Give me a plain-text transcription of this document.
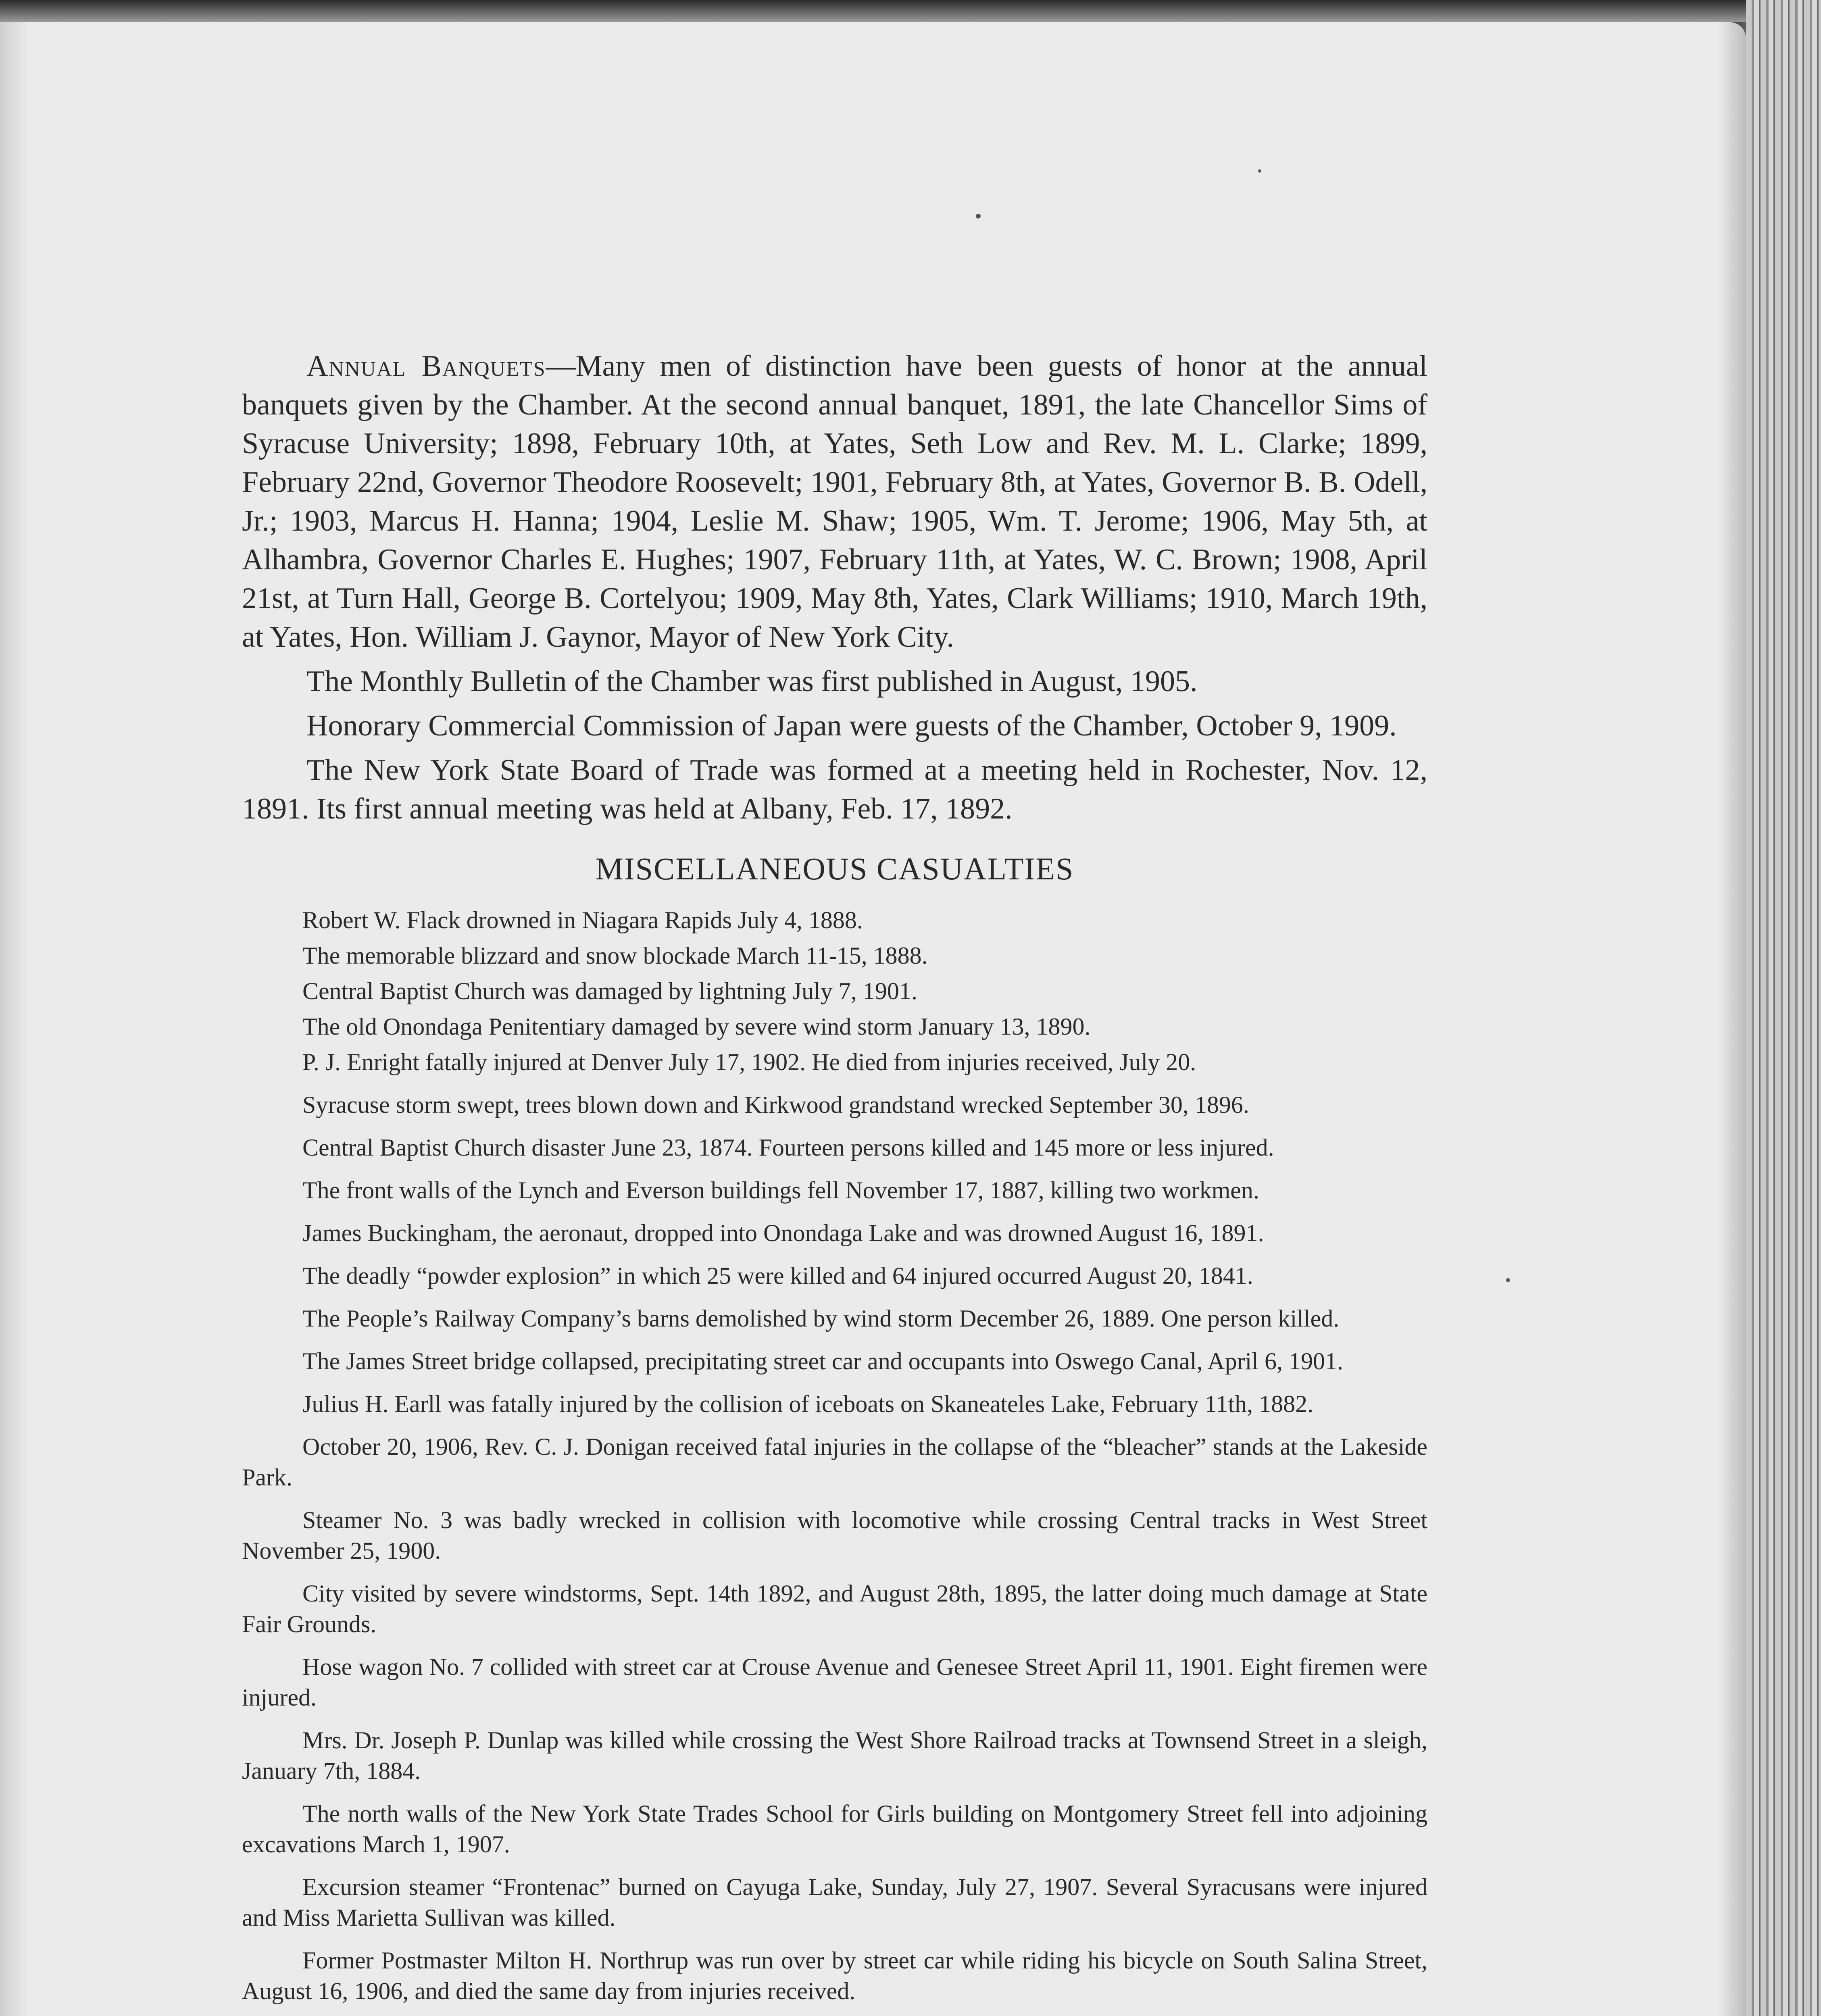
Annual Banquets—Many men of distinction have been guests of honor at the annual banquets given by the Chamber. At the second annual banquet, 1891, the late Chancellor Sims of Syracuse University; 1898, February 10th, at Yates, Seth Low and Rev. M. L. Clarke; 1899, February 22nd, Governor Theodore Roosevelt; 1901, February 8th, at Yates, Governor B. B. Odell, Jr.; 1903, Marcus H. Hanna; 1904, Leslie M. Shaw; 1905, Wm. T. Jerome; 1906, May 5th, at Alhambra, Governor Charles E. Hughes; 1907, February 11th, at Yates, W. C. Brown; 1908, April 21st, at Turn Hall, George B. Cortelyou; 1909, May 8th, Yates, Clark Williams; 1910, March 19th, at Yates, Hon. William J. Gaynor, Mayor of New York City.

The Monthly Bulletin of the Chamber was first published in August, 1905.

Honorary Commercial Commission of Japan were guests of the Chamber, October 9, 1909.

The New York State Board of Trade was formed at a meeting held in Rochester, Nov. 12, 1891. Its first annual meeting was held at Albany, Feb. 17, 1892.

MISCELLANEOUS CASUALTIES

Robert W. Flack drowned in Niagara Rapids July 4, 1888.

The memorable blizzard and snow blockade March 11-15, 1888.

Central Baptist Church was damaged by lightning July 7, 1901.

The old Onondaga Penitentiary damaged by severe wind storm January 13, 1890.

P. J. Enright fatally injured at Denver July 17, 1902. He died from injuries received, July 20.

Syracuse storm swept, trees blown down and Kirkwood grandstand wrecked September 30, 1896.

Central Baptist Church disaster June 23, 1874. Fourteen persons killed and 145 more or less injured.

The front walls of the Lynch and Everson buildings fell November 17, 1887, killing two workmen.

James Buckingham, the aeronaut, dropped into Onondaga Lake and was drowned August 16, 1891.

The deadly “powder explosion” in which 25 were killed and 64 injured occurred August 20, 1841.

The People’s Railway Company’s barns demolished by wind storm December 26, 1889. One person killed.

The James Street bridge collapsed, precipitating street car and occupants into Oswego Canal, April 6, 1901.

Julius H. Earll was fatally injured by the collision of iceboats on Skaneateles Lake, February 11th, 1882.

October 20, 1906, Rev. C. J. Donigan received fatal injuries in the collapse of the “bleacher” stands at the Lakeside Park.

Steamer No. 3 was badly wrecked in collision with locomotive while crossing Central tracks in West Street November 25, 1900.

City visited by severe windstorms, Sept. 14th 1892, and August 28th, 1895, the latter doing much damage at State Fair Grounds.

Hose wagon No. 7 collided with street car at Crouse Avenue and Genesee Street April 11, 1901. Eight firemen were injured.

Mrs. Dr. Joseph P. Dunlap was killed while crossing the West Shore Railroad tracks at Townsend Street in a sleigh, January 7th, 1884.

The north walls of the New York State Trades School for Girls building on Montgomery Street fell into adjoining excavations March 1, 1907.

Excursion steamer “Frontenac” burned on Cayuga Lake, Sunday, July 27, 1907. Several Syracusans were injured and Miss Marietta Sullivan was killed.

Former Postmaster Milton H. Northrup was run over by street car while riding his bicycle on South Salina Street, August 16, 1906, and died the same day from injuries received.
